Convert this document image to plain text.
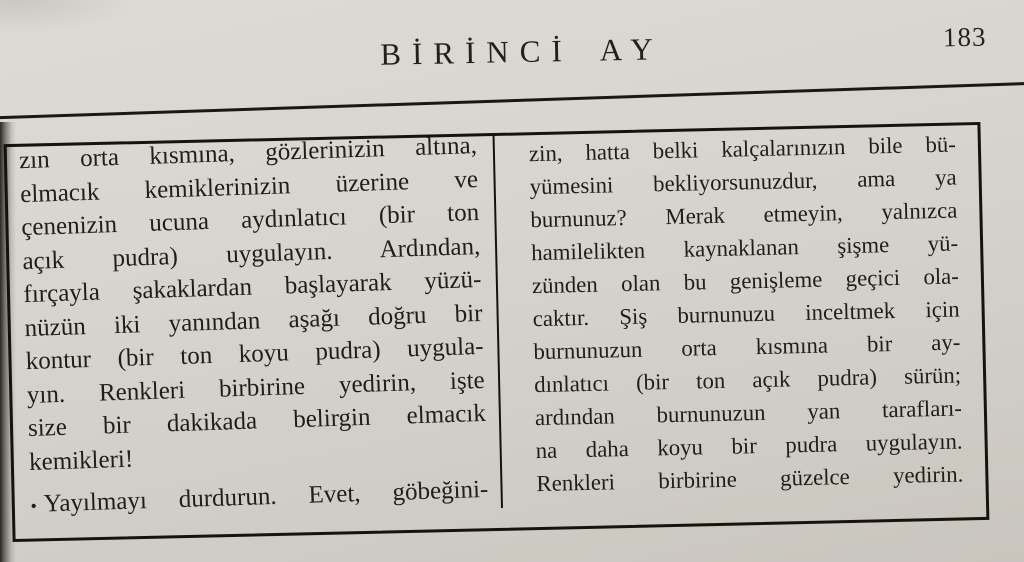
183
BİRİNCİ AY
zın orta kısmına, gözlerinizin altına,
elmacık kemiklerinizin üzerine ve
çenenizin ucuna aydınlatıcı (bir ton
açık pudra) uygulayın. Ardından,
fırçayla şakaklardan başlayarak yüzü-
nüzün iki yanından aşağı doğru bir
kontur (bir ton koyu pudra) uygula-
yın. Renkleri birbirine yedirin, işte
size bir dakikada belirgin elmacık
kemikleri!
• Yayılmayı durdurun. Evet, göbeğini-
zin, hatta belki kalçalarınızın bile bü-
yümesini bekliyorsunuzdur, ama ya
burnunuz? Merak etmeyin, yalnızca
hamilelikten kaynaklanan şişme yü-
zünden olan bu genişleme geçici ola-
caktır. Şiş burnunuzu inceltmek için
burnunuzun orta kısmına bir ay-
dınlatıcı (bir ton açık pudra) sürün;
ardından burnunuzun yan tarafları-
na daha koyu bir pudra uygulayın.
Renkleri birbirine güzelce yedirin.
